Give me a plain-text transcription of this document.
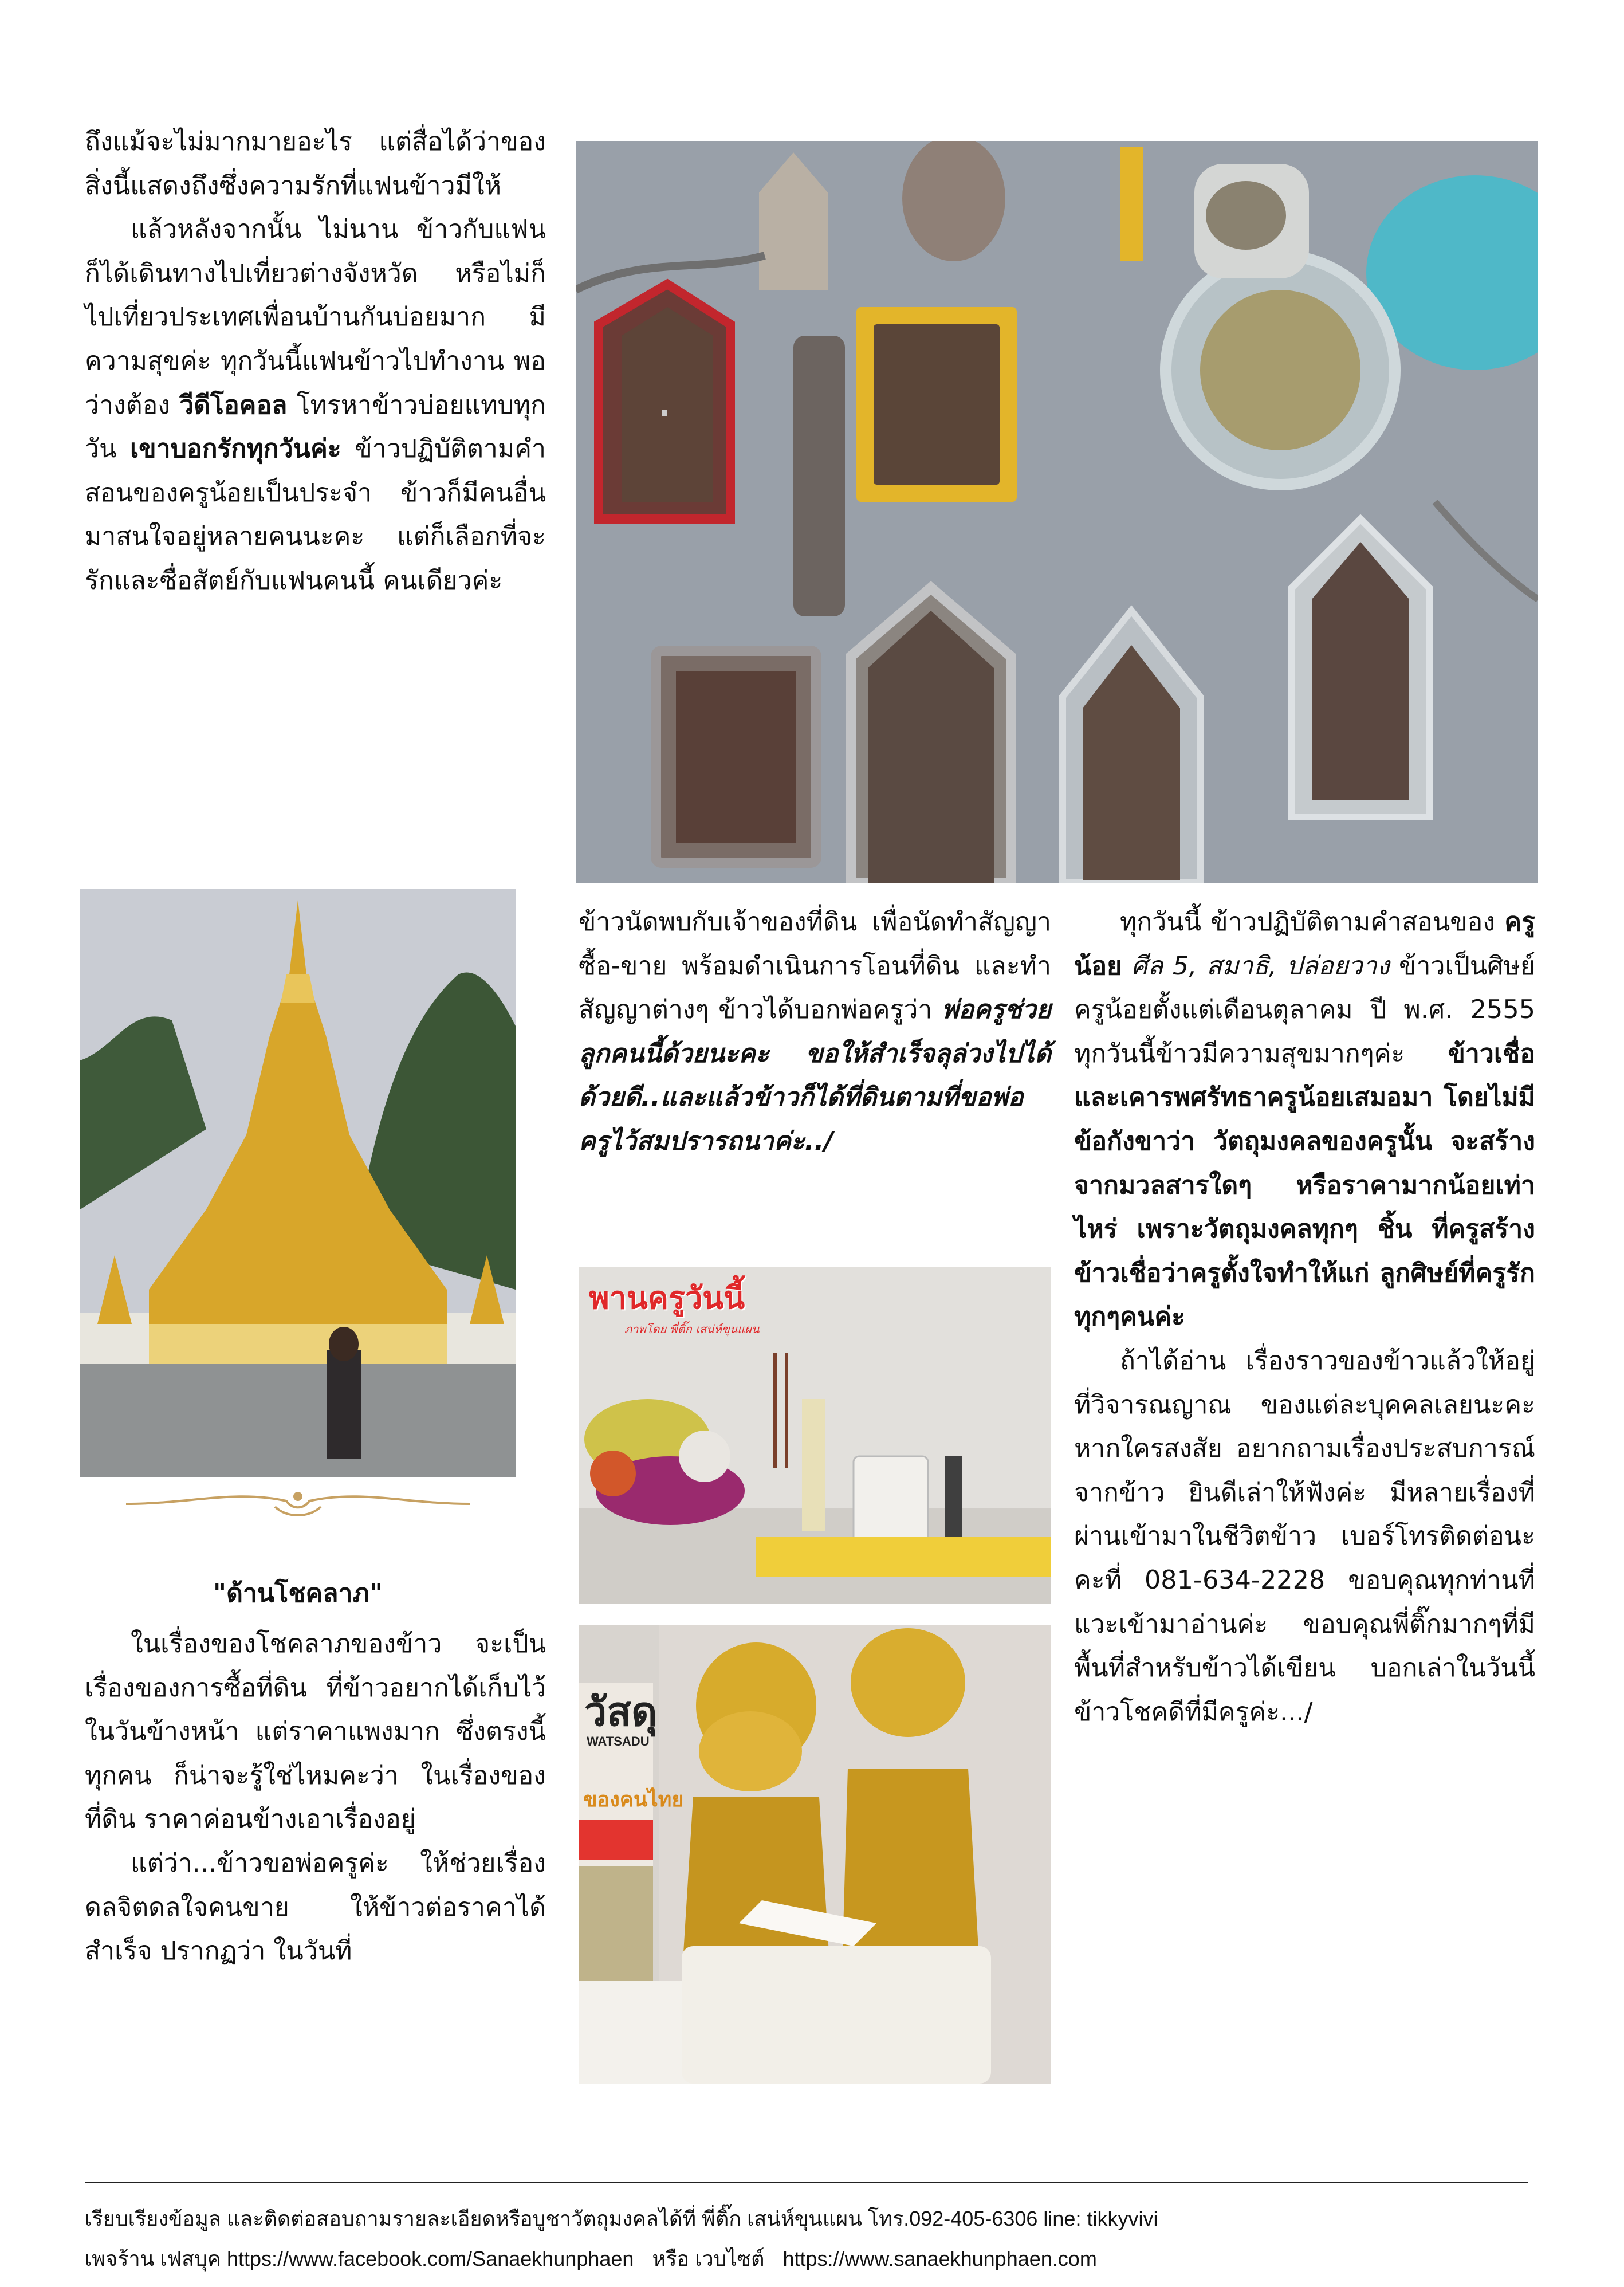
ถึงแม้จะไม่มากมายอะไร แต่สื่อได้ว่าของสิ่งนี้แสดงถึงซึ่งความรักที่แฟนข้าวมีให้

แล้วหลังจากนั้น ไม่นาน ข้าวกับแฟนก็ได้เดินทางไปเที่ยวต่างจังหวัด หรือไม่ก็ไปเที่ยวประเทศเพื่อนบ้านกันบ่อยมาก มีความสุขค่ะ ทุกวันนี้แฟนข้าวไปทำงาน พอว่างต้อง วีดีโอคอล โทรหาข้าวบ่อยแทบทุกวัน เขาบอกรักทุกวันค่ะ ข้าวปฏิบัติตามคำสอนของครูน้อยเป็นประจำ ข้าวก็มีคนอื่นมาสนใจอยู่หลายคนนะคะ แต่ก็เลือกที่จะรักและซื่อสัตย์กับแฟนคนนี้ คนเดียวค่ะ

"ด้านโชคลาภ"

ในเรื่องของโชคลาภของข้าว จะเป็นเรื่องของการซื้อที่ดิน ที่ข้าวอยากได้เก็บไว้ในวันข้างหน้า แต่ราคาแพงมาก ซึ่งตรงนี้ทุกคน ก็น่าจะรู้ใช่ไหมคะว่า ในเรื่องของที่ดิน ราคาค่อนข้างเอาเรื่องอยู่

แต่ว่า...ข้าวขอพ่อครูค่ะ ให้ช่วยเรื่องดลจิตดลใจคนขาย ให้ข้าวต่อราคาได้สำเร็จ ปรากฏว่า ในวันที่

ข้าวนัดพบกับเจ้าของที่ดิน เพื่อนัดทำสัญญาซื้อ-ขาย พร้อมดำเนินการโอนที่ดิน และทำสัญญาต่างๆ ข้าวได้บอกพ่อครูว่า พ่อครูช่วยลูกคนนี้ด้วยนะคะ ขอให้สำเร็จลุล่วงไปได้ด้วยดี..และแล้วข้าวก็ได้ที่ดินตามที่ขอพ่อครูไว้สมปรารถนาค่ะ../

พานครูวันนี้
ภาพโดย พี่ติ๊ก เสน่ห์ขุนแผน
วัสดุ
WATSADU
ของคนไทย

ทุกวันนี้ ข้าวปฏิบัติตามคำสอนของ ครูน้อย ศีล 5, สมาธิ, ปล่อยวาง ข้าวเป็นศิษย์ครูน้อยตั้งแต่เดือนตุลาคม ปี พ.ศ. 2555 ทุกวันนี้ข้าวมีความสุขมากๆค่ะ ข้าวเชื่อและเคารพศรัทธาครูน้อยเสมอมา โดยไม่มีข้อกังขาว่า วัตถุมงคลของครูนั้น จะสร้างจากมวลสารใดๆ หรือราคามากน้อยเท่าไหร่ เพราะวัตถุมงคลทุกๆ ชิ้น ที่ครูสร้าง ข้าวเชื่อว่าครูตั้งใจทำให้แก่ ลูกศิษย์ที่ครูรักทุกๆคนค่ะ

ถ้าได้อ่าน เรื่องราวของข้าวแล้วให้อยู่ที่วิจารณญาณ ของแต่ละบุคคลเลยนะคะ หากใครสงสัย อยากถามเรื่องประสบการณ์จากข้าว ยินดีเล่าให้ฟังค่ะ มีหลายเรื่องที่ผ่านเข้ามาในชีวิตข้าว เบอร์โทรติดต่อนะคะที่ 081-634-2228 ขอบคุณทุกท่านที่แวะเข้ามาอ่านค่ะ ขอบคุณพี่ติ๊กมากๆที่มีพื้นที่สำหรับข้าวได้เขียน บอกเล่าในวันนี้ ข้าวโชคดีที่มีครูค่ะ.../

เรียบเรียงข้อมูล และติดต่อสอบถามรายละเอียดหรือบูชาวัตถุมงคลได้ที่ พี่ติ๊ก เสน่ห์ขุนแผน โทร.092-405-6306 line: tikkyvivi
เพจร้าน เฟสบุค https://www.facebook.com/Sanaekhunphaen หรือ เวบไซต์ https://www.sanaekhunphaen.com
